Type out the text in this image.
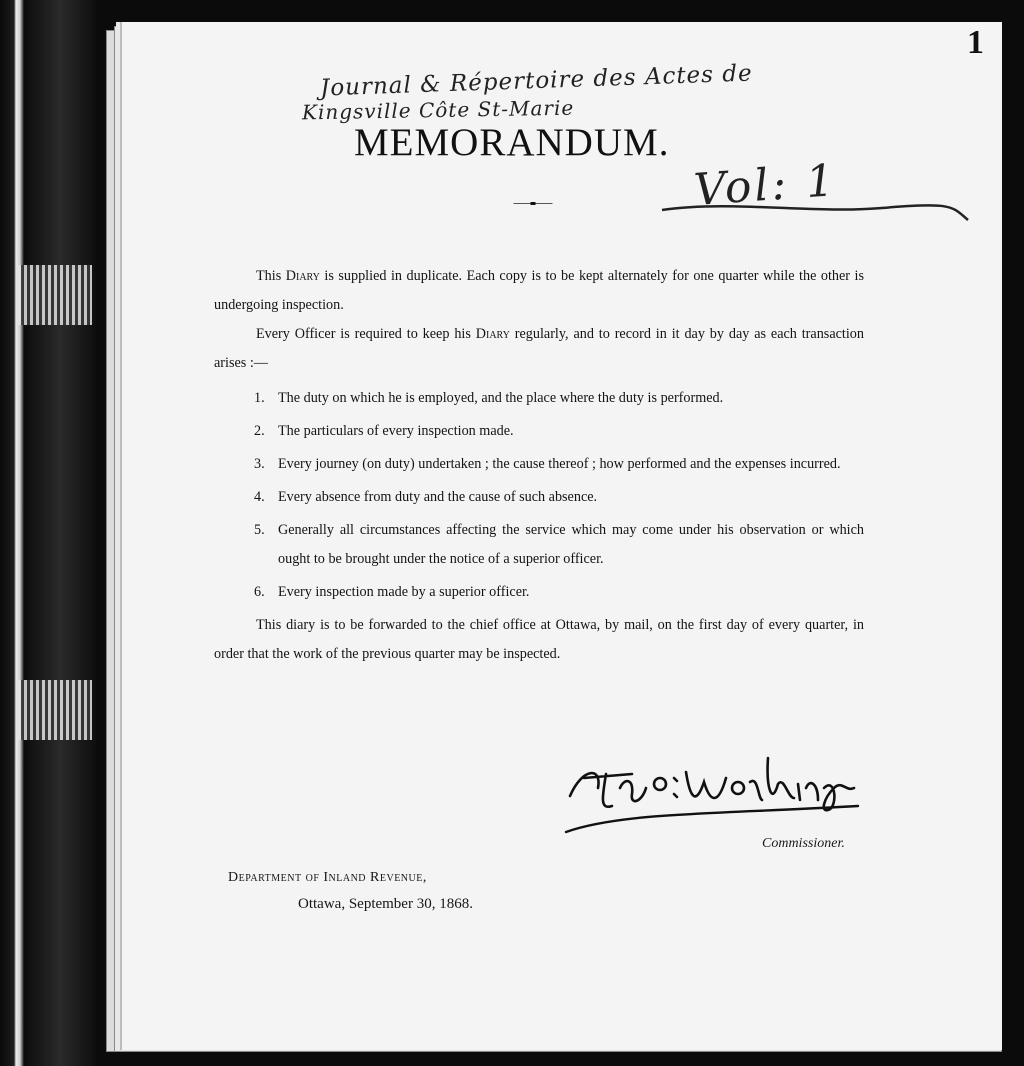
1
Journal & Répertoire des Actes de
Kingsville Côte St-Marie
MEMORANDUM.
Vol: 1

This Diary is supplied in duplicate. Each copy is to be kept alternately for one quarter while the other is undergoing inspection.

Every Officer is required to keep his Diary regularly, and to record in it day by day as each transaction arises :—

1. The duty on which he is employed, and the place where the duty is performed.
2. The particulars of every inspection made.
3. Every journey (on duty) undertaken ; the cause thereof ; how performed and the expenses incurred.
4. Every absence from duty and the cause of such absence.
5. Generally all circumstances affecting the service which may come under his observation or which ought to be brought under the notice of a superior officer.
6. Every inspection made by a superior officer.

This diary is to be forwarded to the chief office at Ottawa, by mail, on the first day of every quarter, in order that the work of the previous quarter may be inspected.

Commissioner.
Department of Inland Revenue,
Ottawa, September 30, 1868.
